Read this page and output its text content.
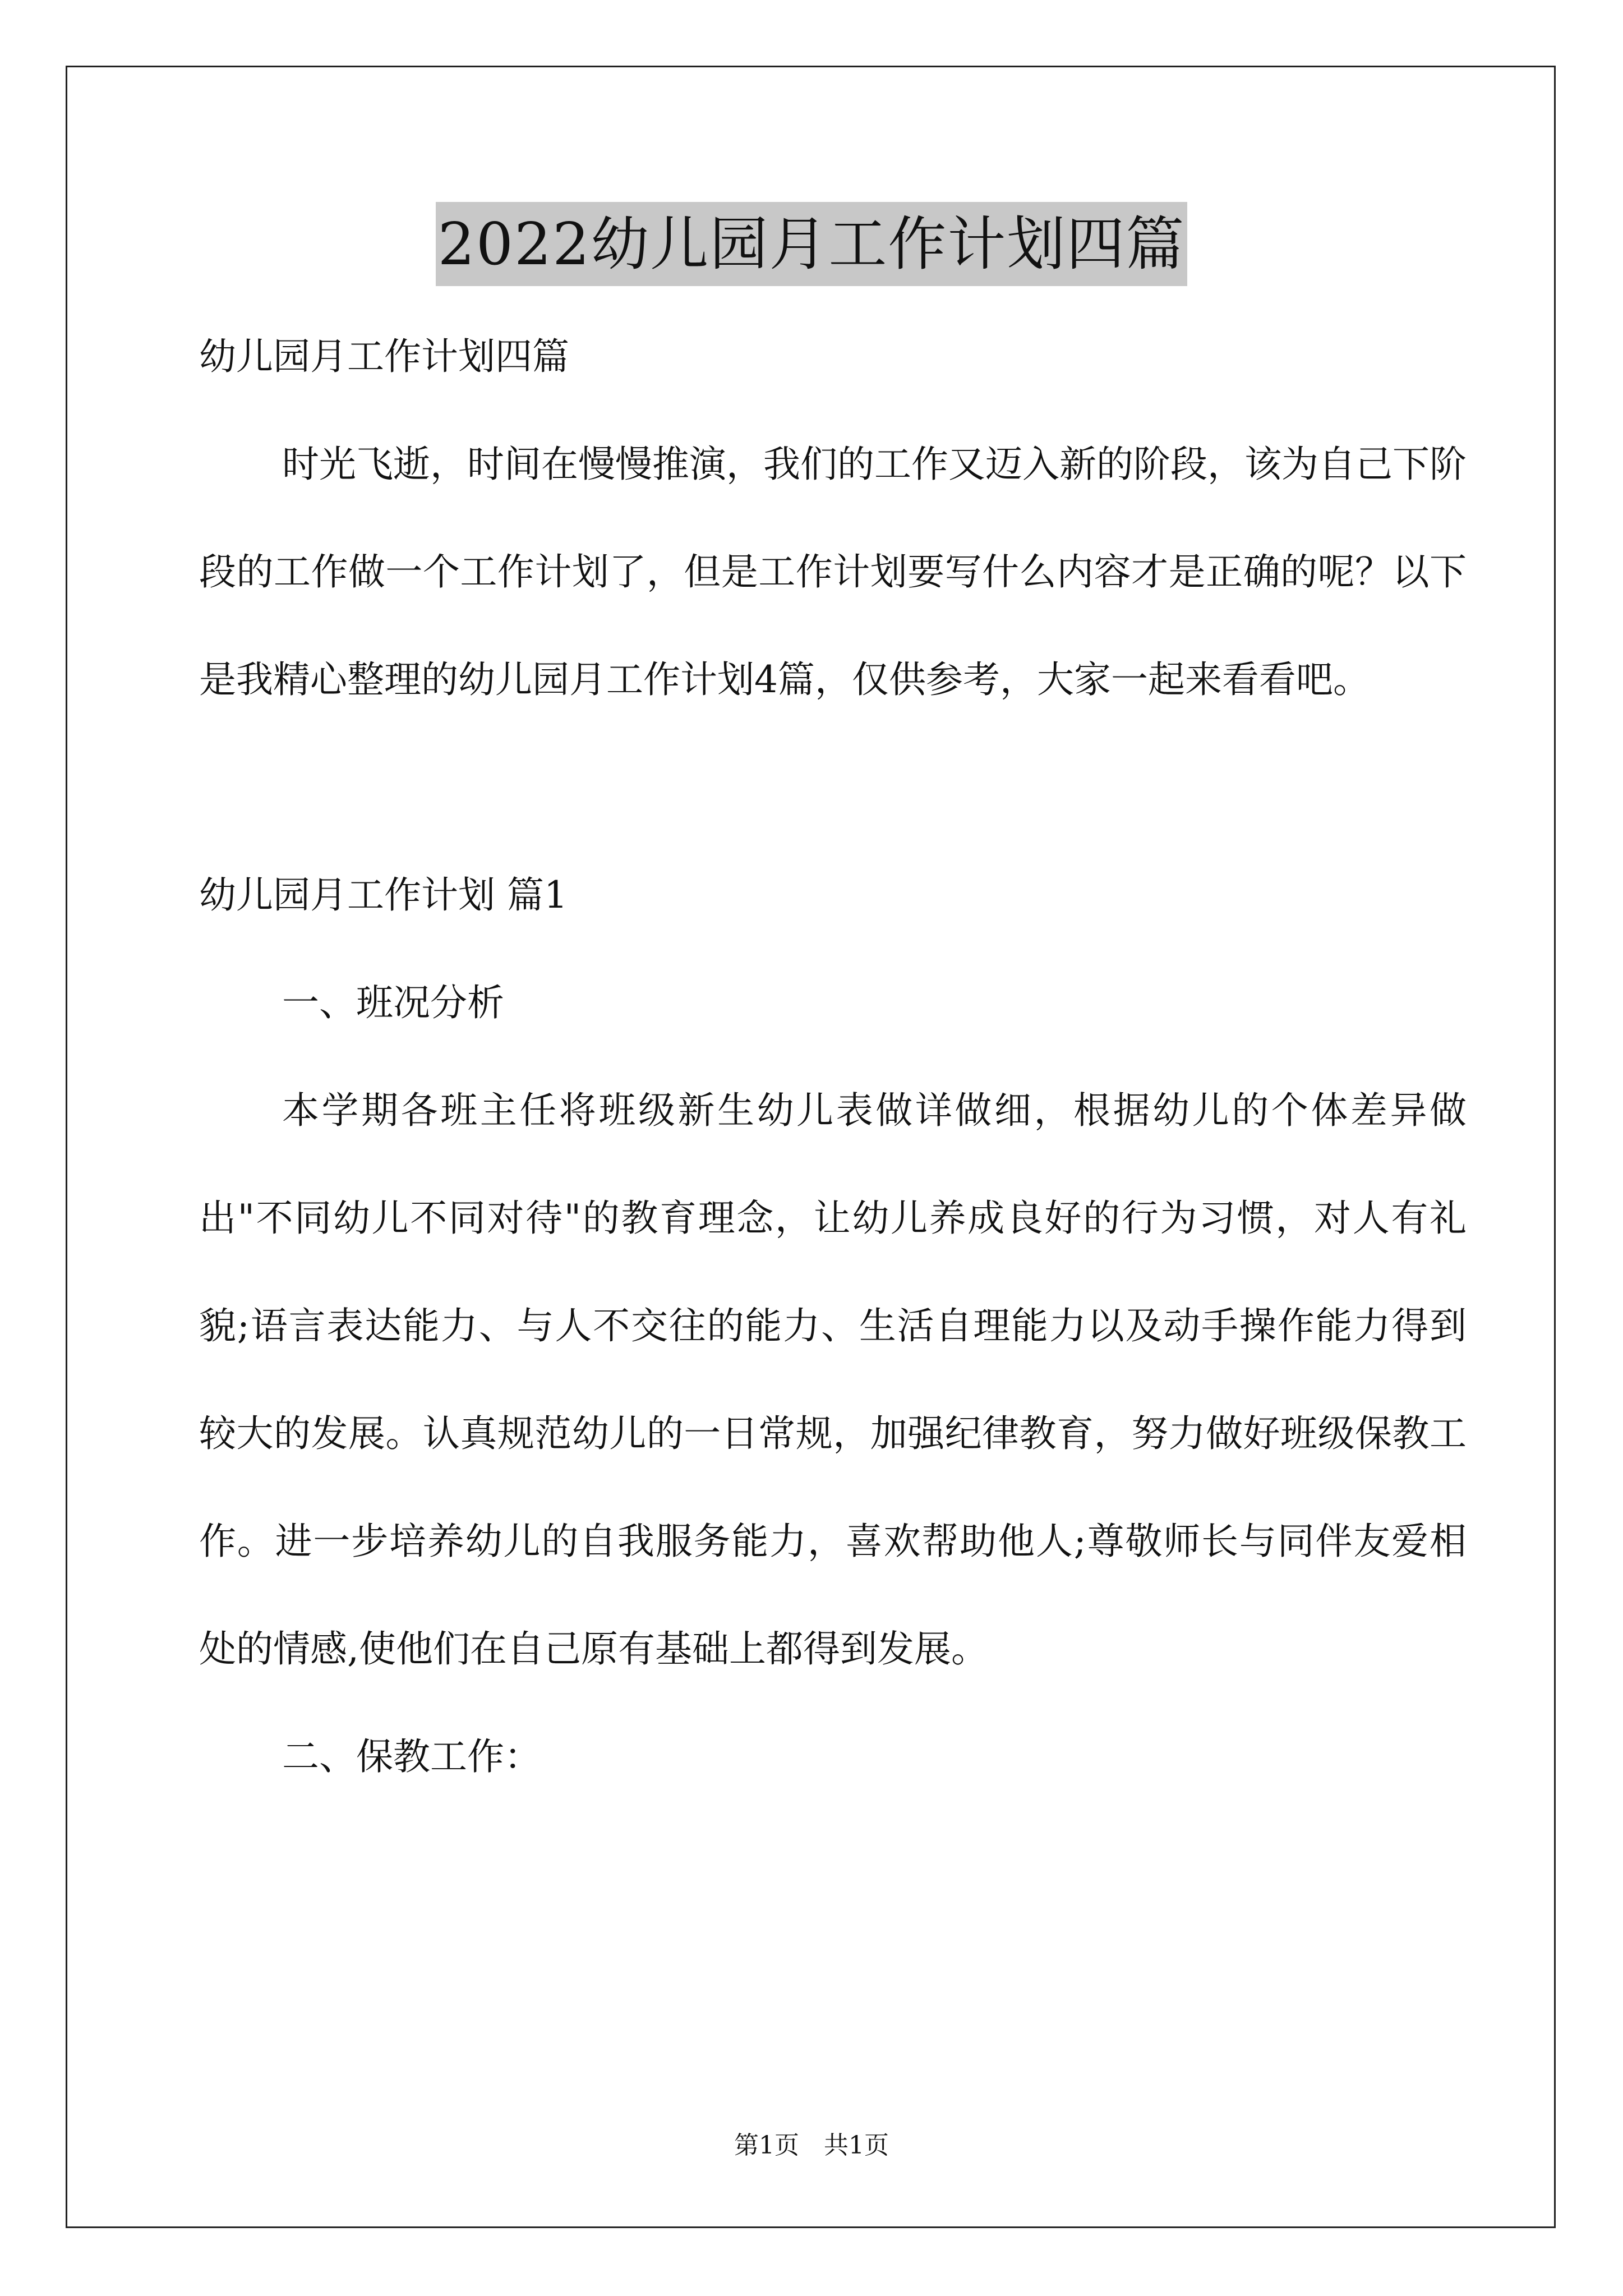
2022幼儿园月工作计划四篇

幼儿园月工作计划四篇

时光飞逝，时间在慢慢推演，我们的工作又迈入新的阶段，该为自己下阶段的工作做一个工作计划了，但是工作计划要写什么内容才是正确的呢？以下是我精心整理的幼儿园月工作计划4篇，仅供参考，大家一起来看看吧。

幼儿园月工作计划 篇1

一、班况分析

本学期各班主任将班级新生幼儿表做详做细，根据幼儿的个体差异做出"不同幼儿不同对待"的教育理念，让幼儿养成良好的行为习惯，对人有礼貌;语言表达能力、与人不交往的能力、生活自理能力以及动手操作能力得到较大的发展。认真规范幼儿的一日常规，加强纪律教育，努力做好班级保教工作。进一步培养幼儿的自我服务能力，喜欢帮助他人;尊敬师长与同伴友爱相处的情感,使他们在自己原有基础上都得到发展。

二、保教工作：

第1页　共1页
